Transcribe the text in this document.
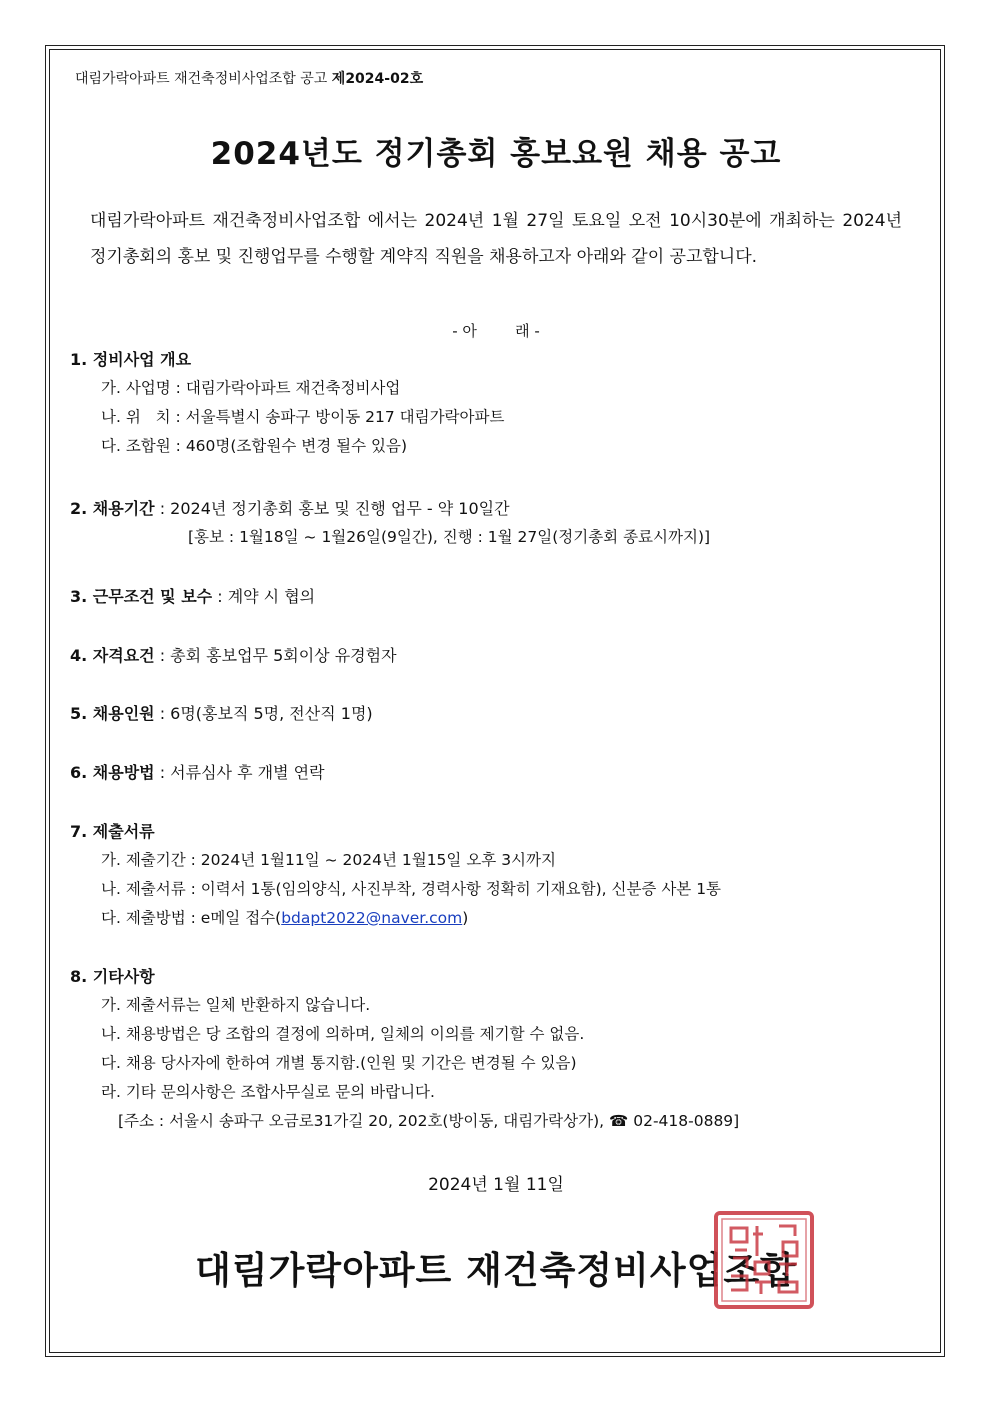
대림가락아파트 재건축정비사업조합 공고 제2024-02호
2024년도 정기총회 홍보요원 채용 공고

대림가락아파트 재건축정비사업조합 에서는 2024년 1월 27일 토요일 오전 10시30분에 개최하는 2024년 정기총회의 홍보 및 진행업무를 수행할 계약직 직원을 채용하고자 아래와 같이 공고합니다.

- 아        래 -
1. 정비사업 개요
가. 사업명 : 대림가락아파트 재건축정비사업
나. 위   치 : 서울특별시 송파구 방이동 217 대림가락아파트
다. 조합원 : 460명(조합원수 변경 될수 있음)
2. 채용기간 : 2024년 정기총회 홍보 및 진행 업무 - 약 10일간
[홍보 : 1월18일 ~ 1월26일(9일간), 진행 : 1월 27일(정기총회 종료시까지)]
3. 근무조건 및 보수 : 계약 시 협의
4. 자격요건 : 총회 홍보업무 5회이상 유경험자
5. 채용인원 : 6명(홍보직 5명, 전산직 1명)
6. 채용방법 : 서류심사 후 개별 연락
7. 제출서류
가. 제출기간 : 2024년 1월11일 ~ 2024년 1월15일 오후 3시까지
나. 제출서류 : 이력서 1통(임의양식, 사진부착, 경력사항 정확히 기재요함), 신분증 사본 1통
다. 제출방법 : e메일 접수(bdapt2022@naver.com)
8. 기타사항
가. 제출서류는 일체 반환하지 않습니다.
나. 채용방법은 당 조합의 결정에 의하며, 일체의 이의를 제기할 수 없음.
다. 채용 당사자에 한하여 개별 통지함.(인원 및 기간은 변경될 수 있음)
라. 기타 문의사항은 조합사무실로 문의 바랍니다.
[주소 : 서울시 송파구 오금로31가길 20, 202호(방이동, 대림가락상가), ☎ 02-418-0889]
2024년 1월 11일
대림가락아파트 재건축정비사업조합
